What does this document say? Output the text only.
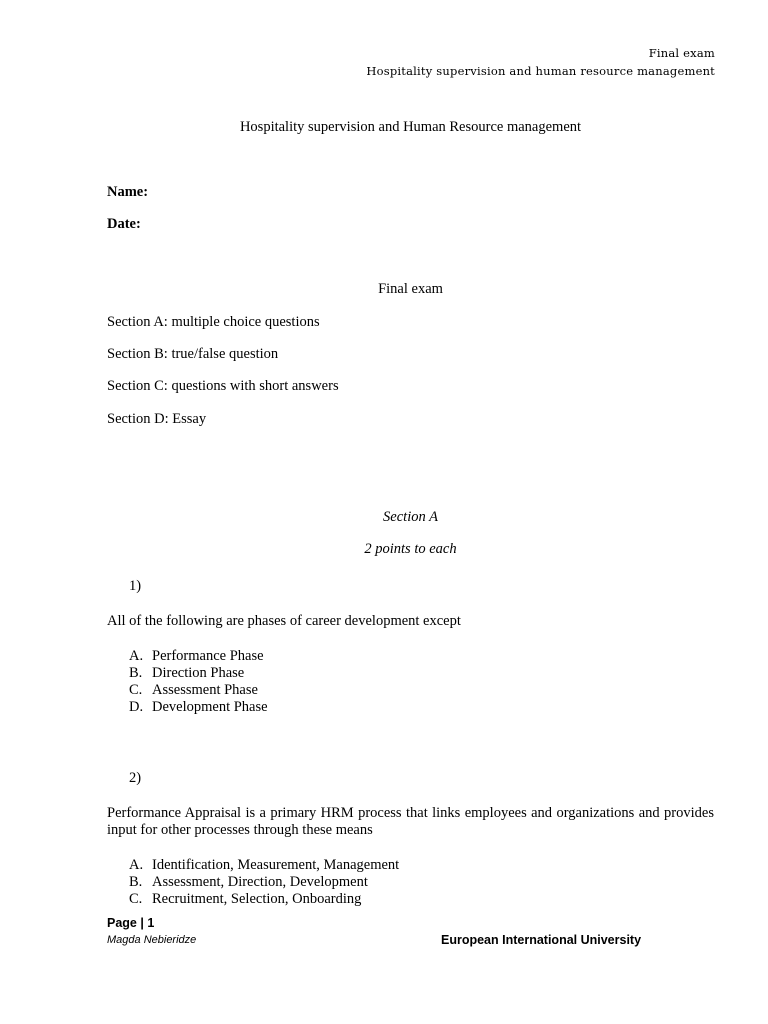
Final exam
Hospitality supervision and human resource management
Hospitality supervision and Human Resource management
Name:
Date:
Final exam
Section A: multiple choice questions
Section B: true/false question
Section C: questions with short answers
Section D: Essay
Section A
2 points to each
1)
All of the following are phases of career development except
A. Performance Phase
B. Direction Phase
C. Assessment Phase
D. Development Phase
2)
Performance Appraisal is a primary HRM process that links employees and organizations and provides input for other processes through these means
A. Identification, Measurement, Management
B. Assessment, Direction, Development
C. Recruitment, Selection, Onboarding
Page | 1
Magda Nebieridze	European International University
